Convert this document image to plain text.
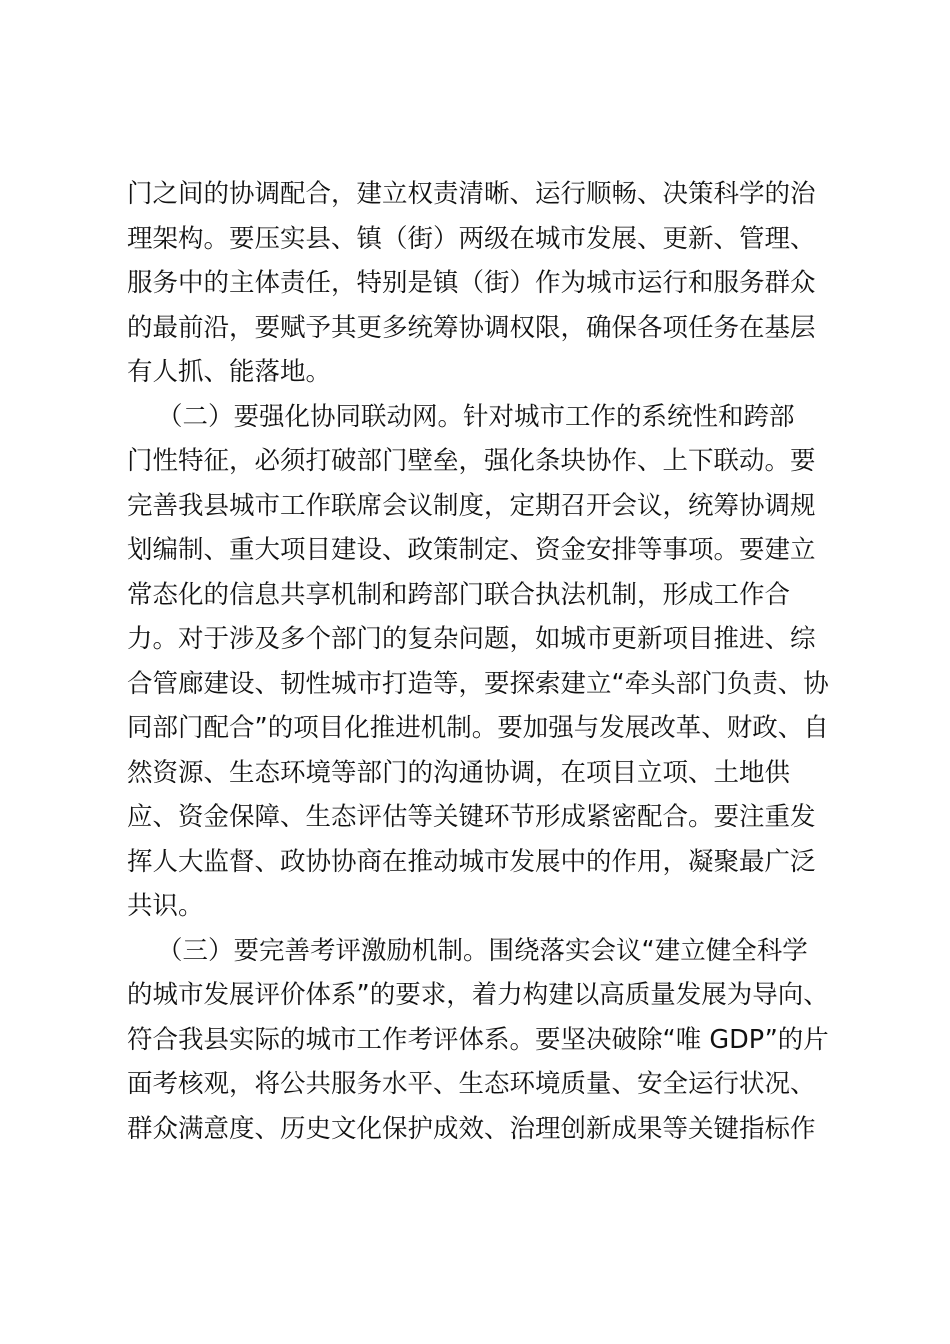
门之间的协调配合，建立权责清晰、运行顺畅、决策科学的治
理架构。要压实县、镇（街）两级在城市发展、更新、管理、
服务中的主体责任，特别是镇（街）作为城市运行和服务群众
的最前沿，要赋予其更多统筹协调权限，确保各项任务在基层
有人抓、能落地。
（二）要强化协同联动网。针对城市工作的系统性和跨部
门性特征，必须打破部门壁垒，强化条块协作、上下联动。要
完善我县城市工作联席会议制度，定期召开会议，统筹协调规
划编制、重大项目建设、政策制定、资金安排等事项。要建立
常态化的信息共享机制和跨部门联合执法机制，形成工作合
力。对于涉及多个部门的复杂问题，如城市更新项目推进、综
合管廊建设、韧性城市打造等，要探索建立“牵头部门负责、协
同部门配合”的项目化推进机制。要加强与发展改革、财政、自
然资源、生态环境等部门的沟通协调，在项目立项、土地供
应、资金保障、生态评估等关键环节形成紧密配合。要注重发
挥人大监督、政协协商在推动城市发展中的作用，凝聚最广泛
共识。
（三）要完善考评激励机制。围绕落实会议“建立健全科学
的城市发展评价体系”的要求，着力构建以高质量发展为导向、
符合我县实际的城市工作考评体系。要坚决破除“唯 GDP”的片
面考核观，将公共服务水平、生态环境质量、安全运行状况、
群众满意度、历史文化保护成效、治理创新成果等关键指标作
